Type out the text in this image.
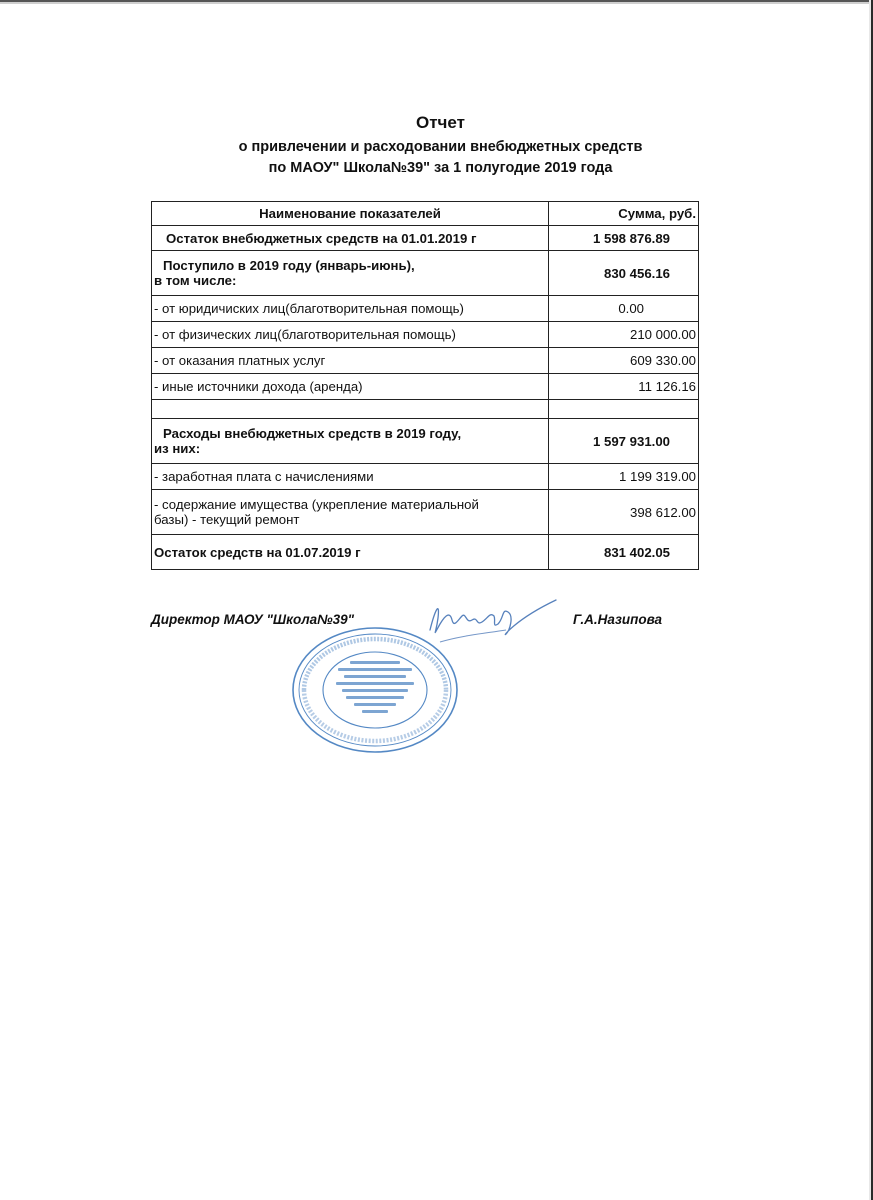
Отчет
о привлечении и расходовании внебюджетных средств
по МАОУ" Школа№39" за 1 полугодие 2019 года
Наименование показателей	Сумма, руб.
Остаток внебюджетных средств на 01.01.2019 г	1 598 876.89

Поступило в 2019 году (январь-июнь),
в том числе:	830 456.16
- от юридичиских лиц(благотворительная помощь)	0.00
- от физических лиц(благотворительная помощь)	210 000.00
- от оказания платных услуг	609 330.00
- иные источники дохода (аренда)	11 126.16

Расходы внебюджетных средств в 2019 году,
из них:	1 597 931.00
- заработная плата с начислениями	1 199 319.00

- содержание имущества (укрепление материальной
базы) - текущий ремонт	398 612.00
Остаток средств на 01.07.2019 г	831 402.05
Директор МАОУ "Школа№39"	Г.А.Назипова
